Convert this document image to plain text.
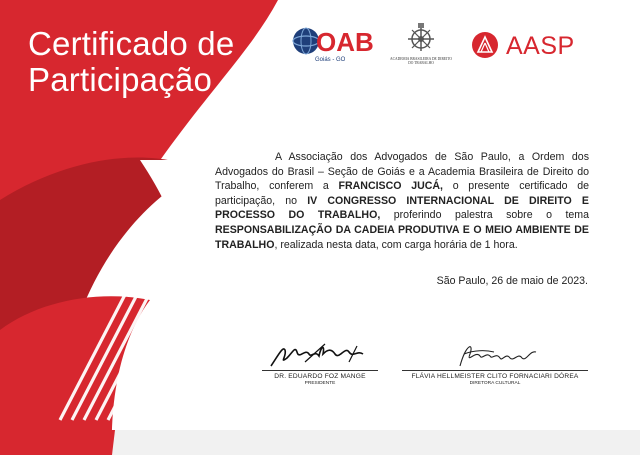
Certificado de
Participação
OAB
Goiás - GO	ACADEMIA BRASILEIRA DE DIREITO DO TRABALHO
AASP
A Associação dos Advogados de São Paulo, a Ordem dos Advogados do Brasil – Seção de Goiás e a Academia Brasileira de Direito do Trabalho, conferem a FRANCISCO JUCÁ, o presente certificado de participação, no IV CONGRESSO INTERNACIONAL DE DIREITO E PROCESSO DO TRABALHO, proferindo palestra sobre o tema RESPONSABILIZAÇÃO DA CADEIA PRODUTIVA E O MEIO AMBIENTE DE TRABALHO, realizada nesta data, com carga horária de 1 hora.
São Paulo, 26 de maio de 2023.
DR. EDUARDO FOZ MANGE
PRESIDENTE
FLÁVIA HELLMEISTER CLITO FORNACIARI DÓREA
DIRETORA CULTURAL
